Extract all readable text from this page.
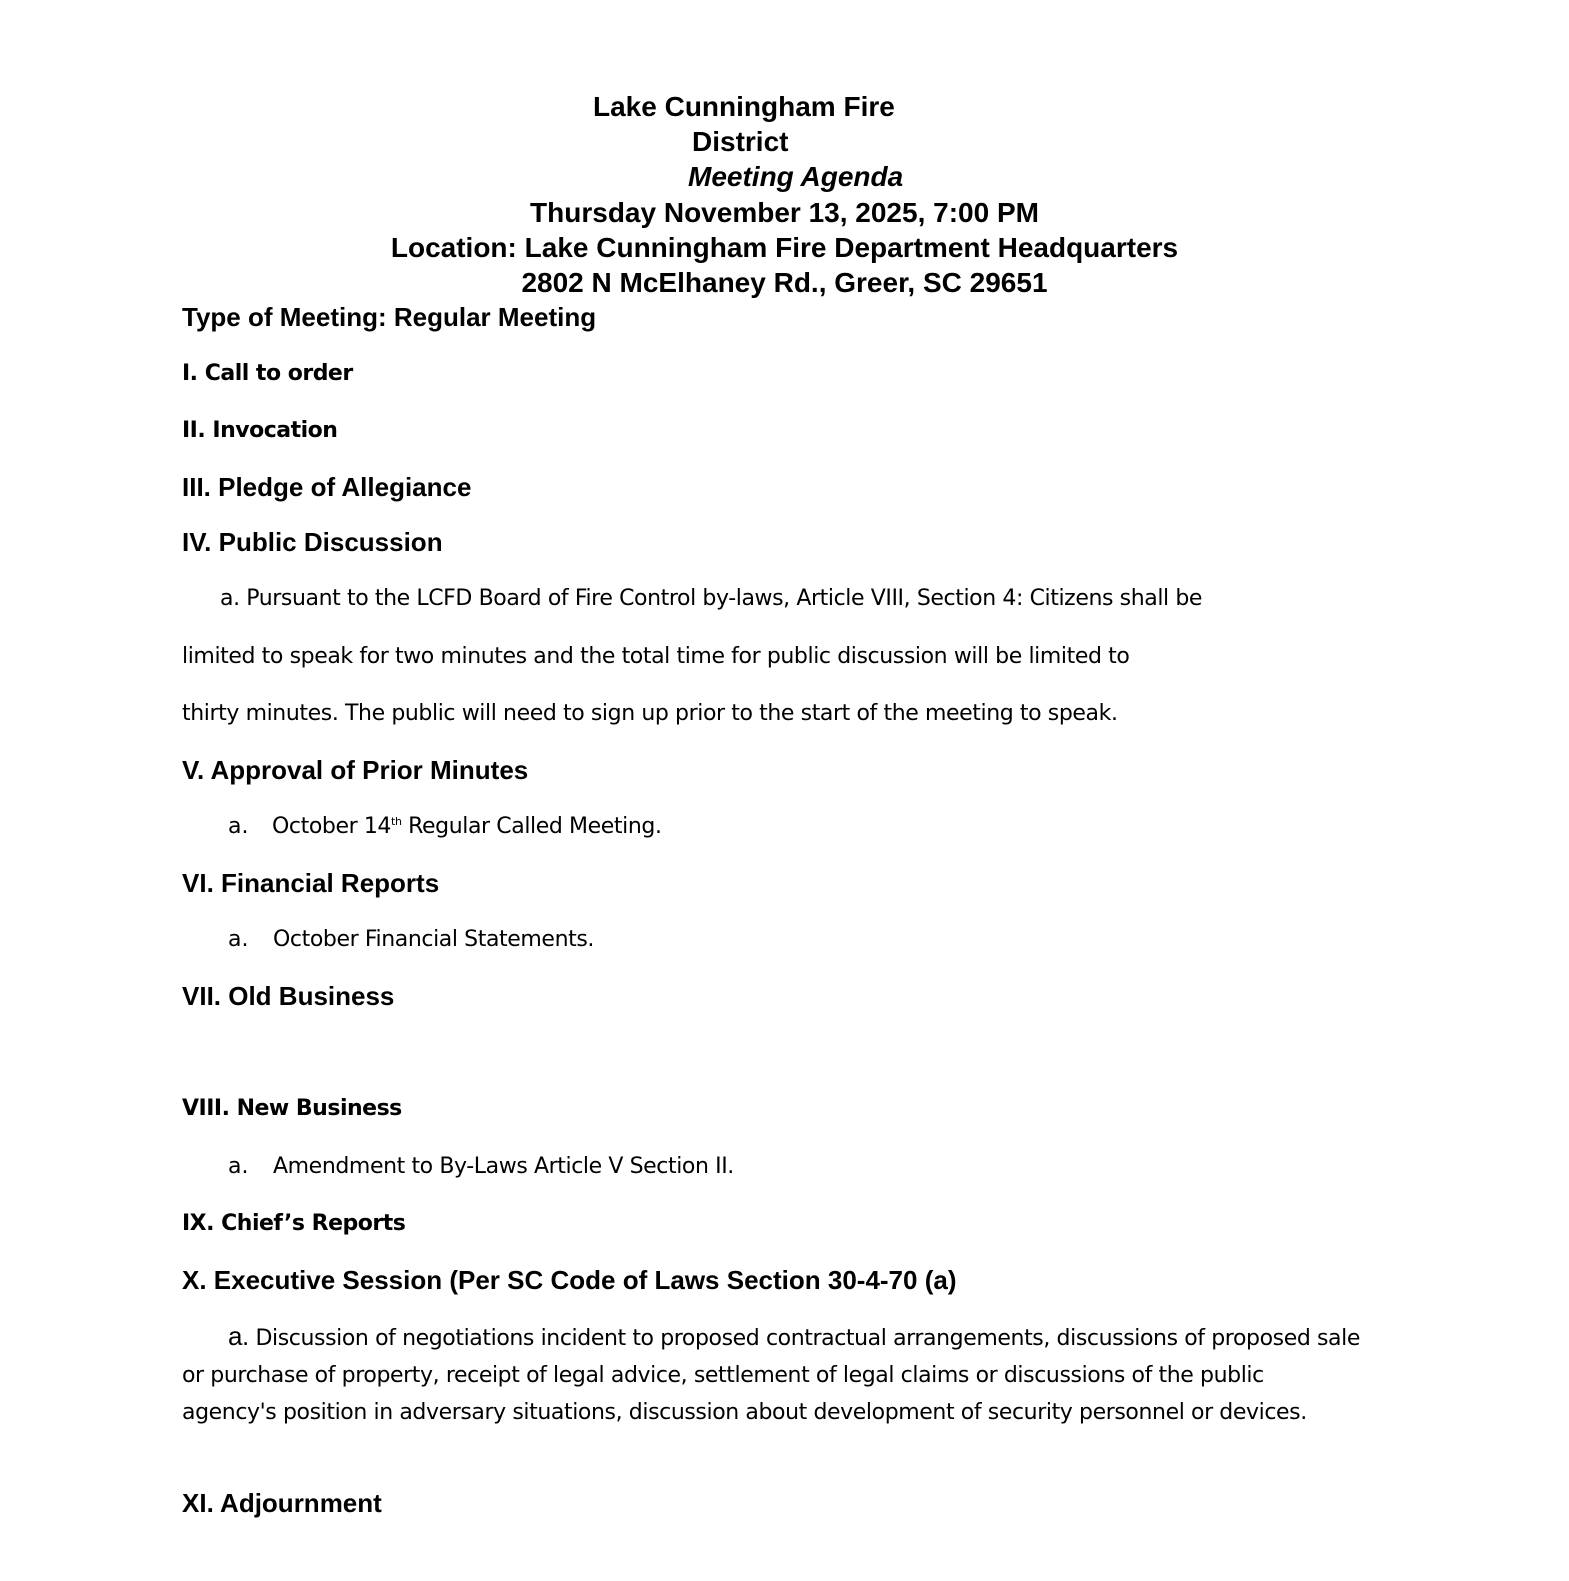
Lake Cunningham Fire
District
Meeting Agenda
Thursday November 13, 2025, 7:00 PM
Location: Lake Cunningham Fire Department Headquarters
2802 N McElhaney Rd., Greer, SC 29651
Type of Meeting: Regular Meeting
I. Call to order
II. Invocation
III. Pledge of Allegiance
IV. Public Discussion
a. Pursuant to the LCFD Board of Fire Control by-laws, Article VIII, Section 4: Citizens shall be
limited to speak for two minutes and the total time for public discussion will be limited to
thirty minutes. The public will need to sign up prior to the start of the meeting to speak.
V. Approval of Prior Minutes
a. October 14th Regular Called Meeting.
VI. Financial Reports
a. October Financial Statements.
VII. Old Business
VIII. New Business
a. Amendment to By-Laws Article V Section II.
IX. Chief’s Reports
X. Executive Session (Per SC Code of Laws Section 30-4-70 (a)
a. Discussion of negotiations incident to proposed contractual arrangements, discussions of proposed sale or purchase of property, receipt of legal advice, settlement of legal claims or discussions of the public agency's position in adversary situations, discussion about development of security personnel or devices.
XI. Adjournment
